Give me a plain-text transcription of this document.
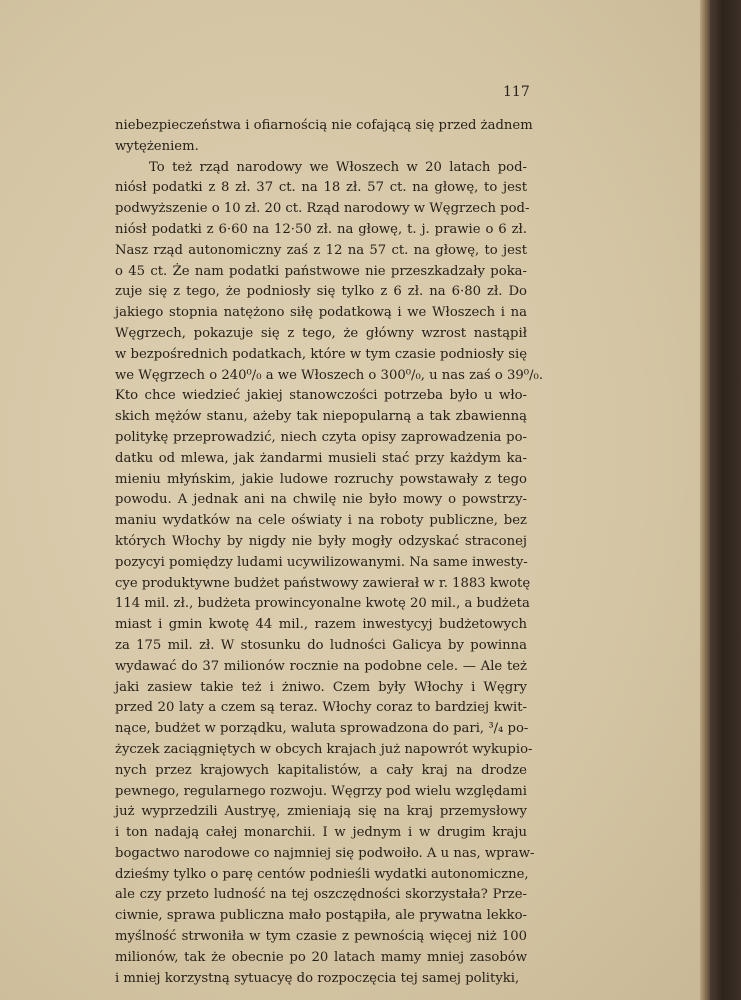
117
niebezpieczeństwa i ofiarnością nie cofającą się przed żadnem
wytężeniem.
To też rząd narodowy we Włoszech w 20 latach pod-
niósł podatki z 8 zł. 37 ct. na 18 zł. 57 ct. na głowę, to jest
podwyższenie o 10 zł. 20 ct. Rząd narodowy w Węgrzech pod-
niósł podatki z 6·60 na 12·50 zł. na głowę, t. j. prawie o 6 zł.
Nasz rząd autonomiczny zaś z 12 na 57 ct. na głowę, to jest
o 45 ct. Że nam podatki państwowe nie przeszkadzały poka-
zuje się z tego, że podniosły się tylko z 6 zł. na 6·80 zł. Do
jakiego stopnia natężono siłę podatkową i we Włoszech i na
Węgrzech, pokazuje się z tego, że główny wzrost nastąpił
w bezpośrednich podatkach, które w tym czasie podniosły się
we Węgrzech o 240⁰/₀ a we Włoszech o 300⁰/₀, u nas zaś o 39⁰/₀.
Kto chce wiedzieć jakiej stanowczości potrzeba było u wło-
skich mężów stanu, ażeby tak niepopularną a tak zbawienną
politykę przeprowadzić, niech czyta opisy zaprowadzenia po-
datku od mlewa, jak żandarmi musieli stać przy każdym ka-
mieniu młyńskim, jakie ludowe rozruchy powstawały z tego
powodu. A jednak ani na chwilę nie było mowy o powstrzy-
maniu wydatków na cele oświaty i na roboty publiczne, bez
których Włochy by nigdy nie były mogły odzyskać straconej
pozycyi pomiędzy ludami ucywilizowanymi. Na same inwesty-
cye produktywne budżet państwowy zawierał w r. 1883 kwotę
114 mil. zł., budżeta prowincyonalne kwotę 20 mil., a budżeta
miast i gmin kwotę 44 mil., razem inwestycyj budżetowych
za 175 mil. zł. W stosunku do ludności Galicya by powinna
wydawać do 37 milionów rocznie na podobne cele. — Ale też
jaki zasiew takie też i żniwo. Czem były Włochy i Węgry
przed 20 laty a czem są teraz. Włochy coraz to bardziej kwit-
nące, budżet w porządku, waluta sprowadzona do pari, ³/₄ po-
życzek zaciągniętych w obcych krajach już napowrót wykupio-
nych przez krajowych kapitalistów, a cały kraj na drodze
pewnego, regularnego rozwoju. Węgrzy pod wielu względami
już wyprzedzili Austryę, zmieniają się na kraj przemysłowy
i ton nadają całej monarchii. I w jednym i w drugim kraju
bogactwo narodowe co najmniej się podwoiło. A u nas, wpraw-
dzieśmy tylko o parę centów podnieśli wydatki autonomiczne,
ale czy przeto ludność na tej oszczędności skorzystała? Prze-
ciwnie, sprawa publiczna mało postąpiła, ale prywatna lekko-
myślność strwoniła w tym czasie z pewnością więcej niż 100
milionów, tak że obecnie po 20 latach mamy mniej zasobów
i mniej korzystną sytuacyę do rozpoczęcia tej samej polityki,
